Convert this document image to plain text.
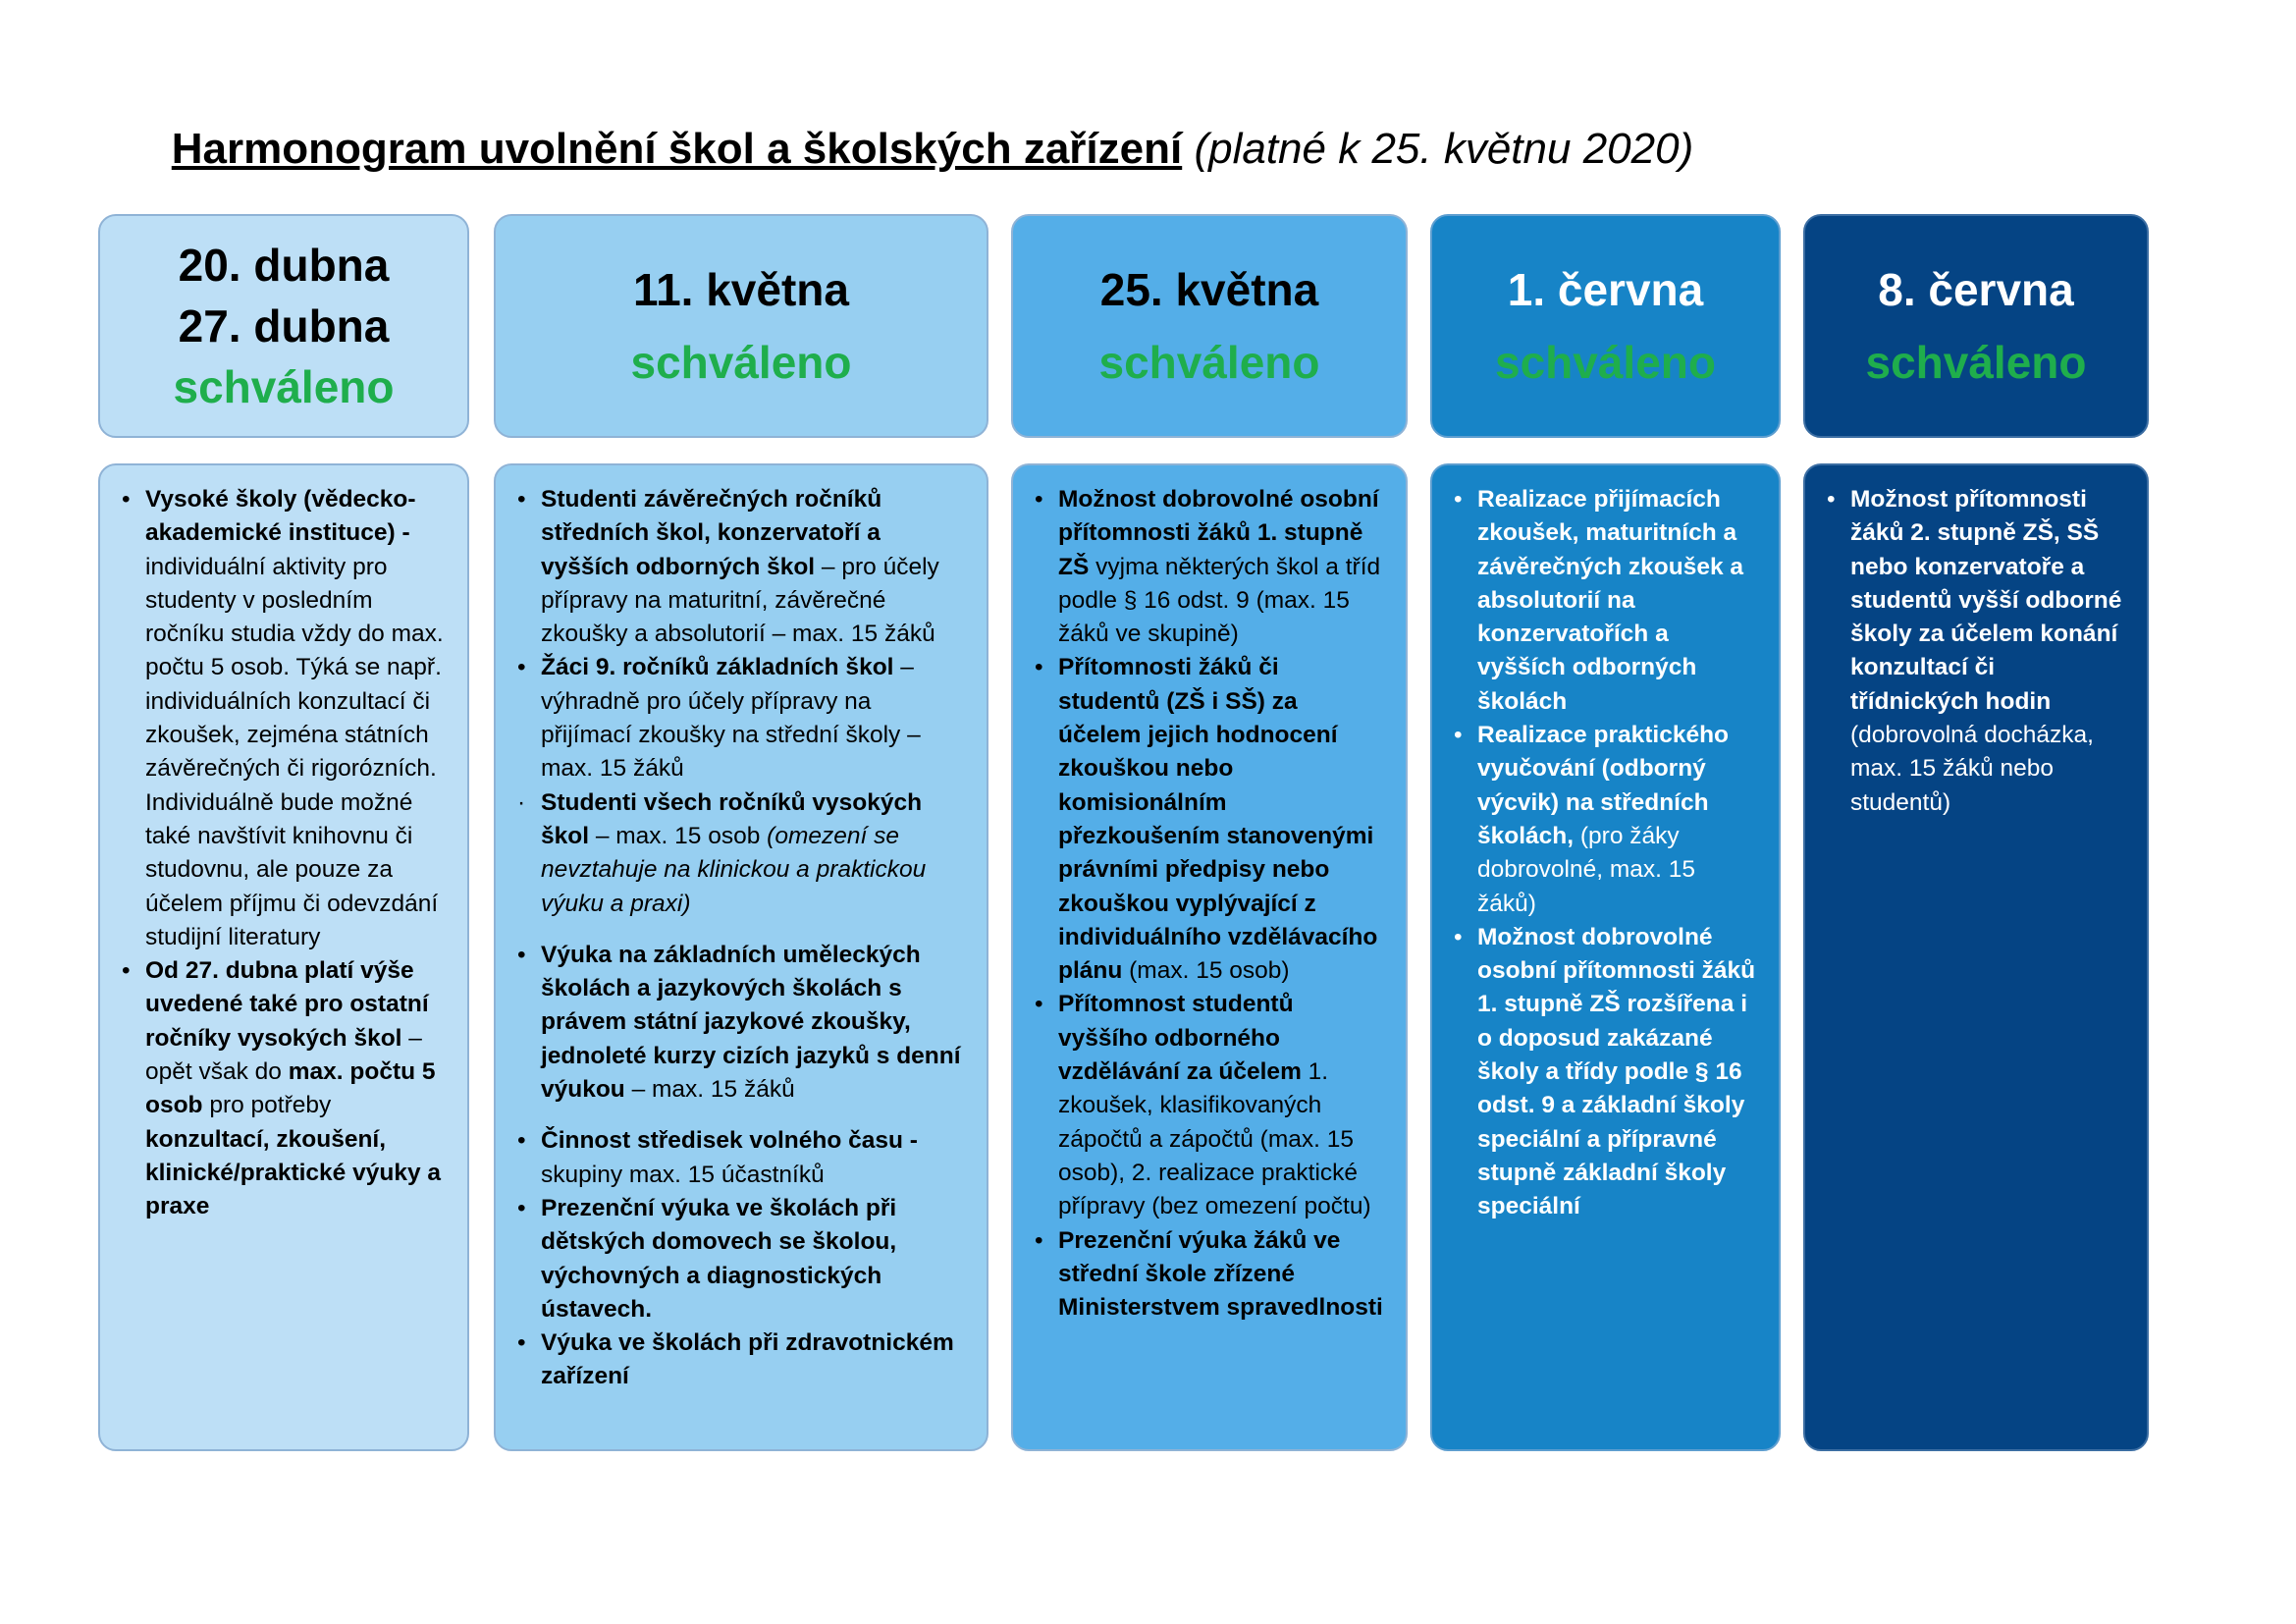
Harmonogram uvolnění škol a školských zařízení (platné k 25. květnu 2020)
20. dubna
27. dubna
schváleno
11. května
schváleno
25. května
schváleno
1. června
schváleno
8. června
schváleno
• Vysoké školy (vědecko-akademické instituce) - individuální aktivity pro studenty v posledním ročníku studia vždy do max. počtu 5 osob. Týká se např. individuálních konzultací či zkoušek, zejména státních závěrečných či rigorózních. Individuálně bude možné také navštívit knihovnu či studovnu, ale pouze za účelem příjmu či odevzdání studijní literatury
• Od 27. dubna platí výše uvedené také pro ostatní ročníky vysokých škol – opět však do max. počtu 5 osob pro potřeby konzultací, zkoušení, klinické/praktické výuky a praxe
• Studenti závěrečných ročníků středních škol, konzervatoří a vyšších odborných škol – pro účely přípravy na maturitní, závěrečné zkoušky a absolutorií – max. 15 žáků
• Žáci 9. ročníků základních škol – výhradně pro účely přípravy na přijímací zkoušky na střední školy – max. 15 žáků
· Studenti všech ročníků vysokých škol – max. 15 osob (omezení se nevztahuje na klinickou a praktickou výuku a praxi)
• Výuka na základních uměleckých školách a jazykových školách s právem státní jazykové zkoušky, jednoleté kurzy cizích jazyků s denní výukou – max. 15 žáků
• Činnost středisek volného času - skupiny max. 15 účastníků
• Prezenční výuka ve školách při dětských domovech se školou, výchovných a diagnostických ústavech.
• Výuka ve školách při zdravotnickém zařízení
• Možnost dobrovolné osobní přítomnosti žáků 1. stupně ZŠ vyjma některých škol a tříd podle § 16 odst. 9 (max. 15 žáků ve skupině)
• Přítomnosti žáků či studentů (ZŠ i SŠ) za účelem jejich hodnocení zkouškou nebo komisionálním přezkoušením stanovenými právními předpisy nebo zkouškou vyplývající z individuálního vzdělávacího plánu (max. 15 osob)
• Přítomnost studentů vyššího odborného vzdělávání za účelem 1. zkoušek, klasifikovaných zápočtů a zápočtů (max. 15 osob), 2. realizace praktické přípravy (bez omezení počtu)
• Prezenční výuka žáků ve střední škole zřízené Ministerstvem spravedlnosti
• Realizace přijímacích zkoušek, maturitních a závěrečných zkoušek a absolutorií na konzervatořích a vyšších odborných školách
• Realizace praktického vyučování (odborný výcvik) na středních školách, (pro žáky dobrovolné, max. 15 žáků)
• Možnost dobrovolné osobní přítomnosti žáků 1. stupně ZŠ rozšířena i o doposud zakázané školy a třídy podle § 16 odst. 9 a základní školy speciální a přípravné stupně základní školy speciální
• Možnost přítomnosti žáků 2. stupně ZŠ, SŠ nebo konzervatoře a studentů vyšší odborné školy za účelem konání konzultací či třídnických hodin (dobrovolná docházka, max. 15 žáků nebo studentů)
